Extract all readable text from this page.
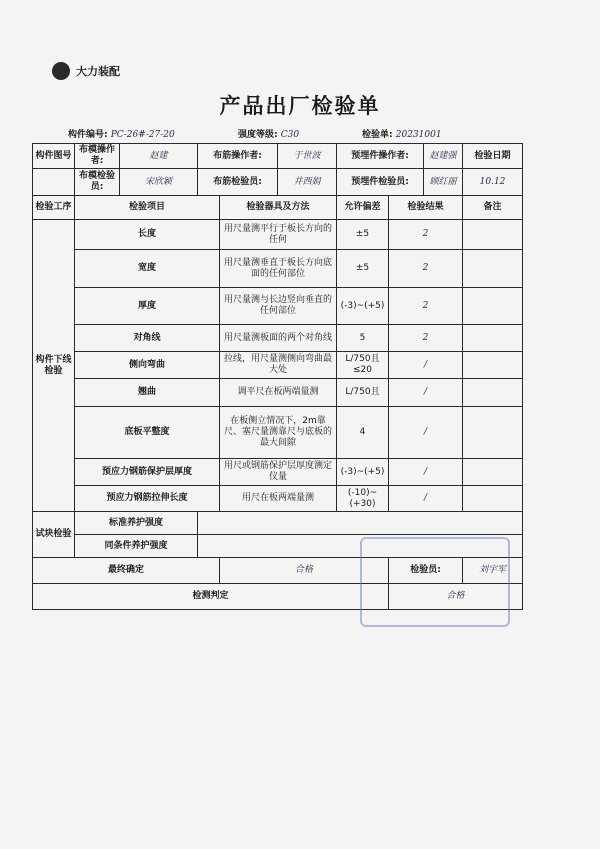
大力装配
产品出厂检验单
构件编号: PC-26#-27-20	强度等级: C30	检验单: 20231001
构件图号	布模操作者:	赵建	布筋操作者:		于世波	预埋件操作者:		赵建强	检验日期
	布模检验员:	宋欣颖	布筋检验员:		井西娟	预埋件检验员:		顾红丽	10.12
检验工序	检验项目			检验器具及方法		允许偏差	检验结果		备注
构件下线检验	长度			用尺量测平行于板长方向的任何		±5	2		
	宽度			用尺量测垂直于板长方向底面的任何部位		±5	2		
	厚度			用尺量测与长边竖向垂直的任何部位		(-3)~(+5)	2		
	对角线			用尺量测板面的两个对角线		5	2		
	侧向弯曲			拉线，用尺量测侧向弯曲最大处		L/750且 ≤20	/		
	翘曲			调平尺在板两端量测		L/750且	/		
	底板平整度			在板侧立情况下，2m靠尺、塞尺量测靠尺与底板的最大间隙		4	/		
	预应力钢筋保护层厚度			用尺或钢筋保护层厚度测定仪量		(-3)~(+5)	/		
	预应力钢筋拉伸长度			用尺在板两端量测		(-10)~(+30)	/		
试块检验	标准养护强度								
	同条件养护强度								
最终确定				合格			检验员:		刘宇军
检测判定							合格		
